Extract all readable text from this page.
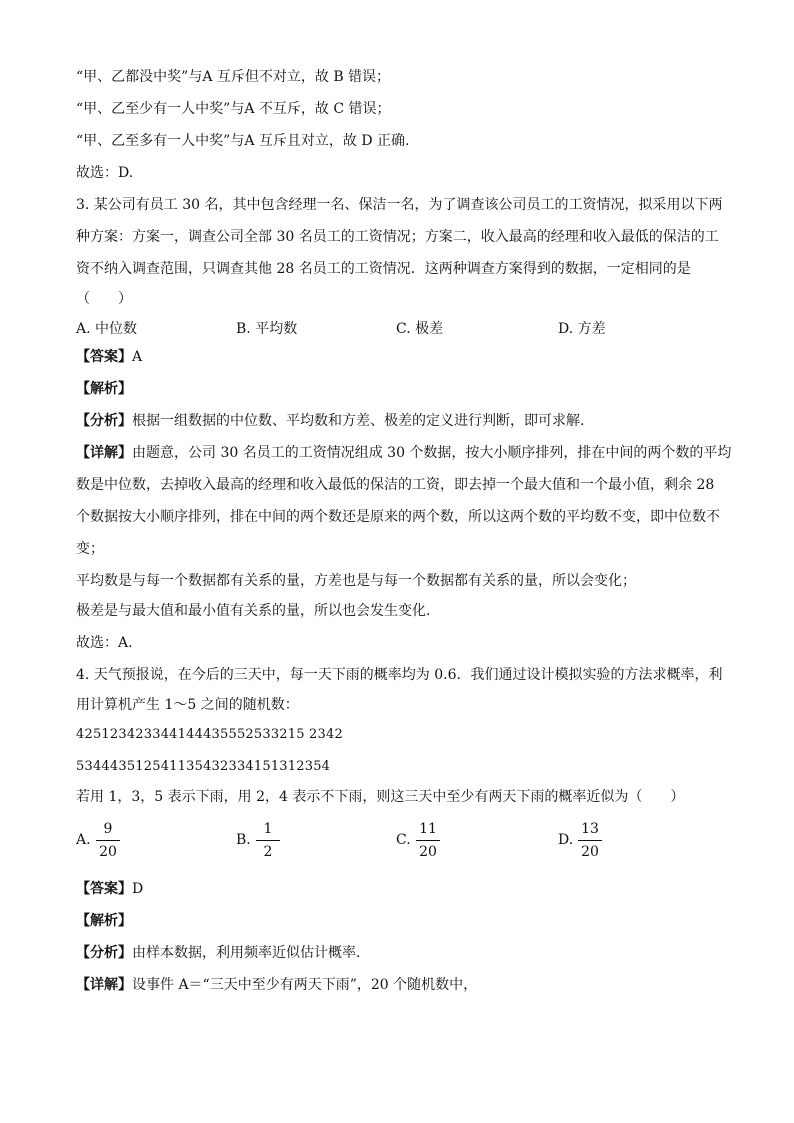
“甲、乙都没中奖”与A 互斥但不对立，故 B 错误；
“甲、乙至少有一人中奖”与A 不互斥，故 C 错误；
“甲、乙至多有一人中奖”与A 互斥且对立，故 D 正确.
故选：D.
3. 某公司有员工 30 名，其中包含经理一名、保洁一名，为了调查该公司员工的工资情况，拟采用以下两
种方案：方案一，调查公司全部 30 名员工的工资情况；方案二，收入最高的经理和收入最低的保洁的工
资不纳入调查范围，只调查其他 28 名员工的工资情况．这两种调查方案得到的数据，一定相同的是
（　　）
A. 中位数	B. 平均数	C. 极差	D. 方差
【答案】A
【解析】
【分析】根据一组数据的中位数、平均数和方差、极差的定义进行判断，即可求解.
【详解】由题意，公司 30 名员工的工资情况组成 30 个数据，按大小顺序排列，排在中间的两个数的平均
数是中位数，去掉收入最高的经理和收入最低的保洁的工资，即去掉一个最大值和一个最小值，剩余 28
个数据按大小顺序排列，排在中间的两个数还是原来的两个数，所以这两个数的平均数不变，即中位数不
变；
平均数是与每一个数据都有关系的量，方差也是与每一个数据都有关系的量，所以会变化；
极差是与最大值和最小值有关系的量，所以也会发生变化.
故选：A.
4. 天气预报说，在今后的三天中，每一天下雨的概率均为 0.6．我们通过设计模拟实验的方法求概率，利
用计算机产生 1～5 之间的随机数：
425123423344144435552533215 2342
534443512541135432334151312354
若用 1，3，5 表示下雨，用 2，4 表示不下雨，则这三天中至少有两天下雨的概率近似为（　　）
A. $\frac{9}{20}$	B. $\frac{1}{2}$	C. $\frac{11}{20}$	D. $\frac{13}{20}$
【答案】D
【解析】
【分析】由样本数据，利用频率近似估计概率.
【详解】设事件 A＝“三天中至少有两天下雨”，20 个随机数中，
